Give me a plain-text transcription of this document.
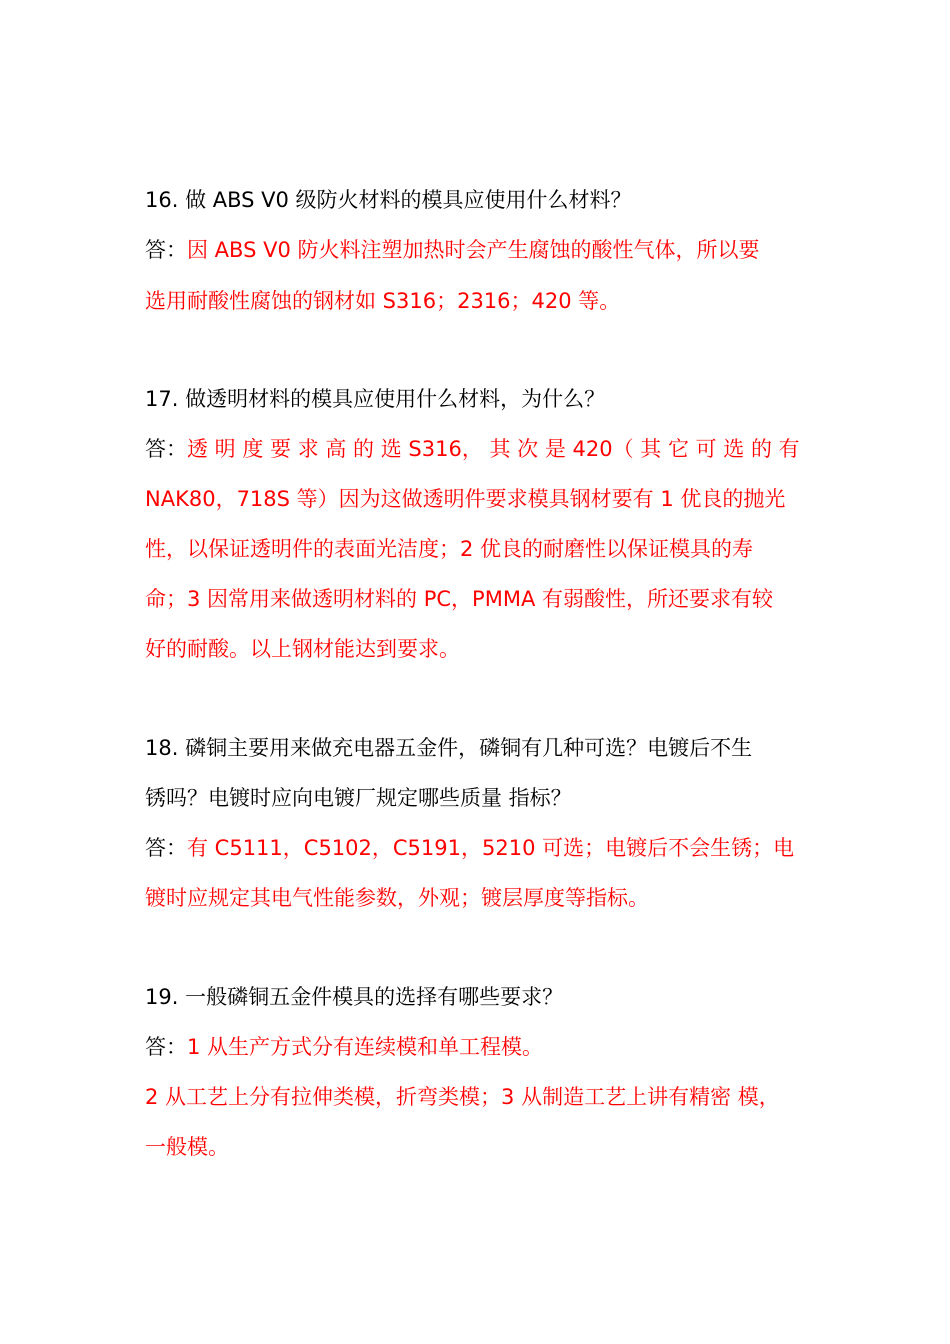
16. 做 ABS V0 级防火材料的模具应使用什么材料？
答：因 ABS V0 防火料注塑加热时会产生腐蚀的酸性气体，所以要
选用耐酸性腐蚀的钢材如 S316；2316；420 等。
17. 做透明材料的模具应使用什么材料，为什么？
答：透 明 度 要 求 高 的 选 S316， 其 次 是 420（ 其 它 可 选 的 有
NAK80，718S 等）因为这做透明件要求模具钢材要有 1 优良的抛光
性，以保证透明件的表面光洁度；2 优良的耐磨性以保证模具的寿
命；3 因常用来做透明材料的 PC，PMMA 有弱酸性，所还要求有较
好的耐酸。以上钢材能达到要求。
18. 磷铜主要用来做充电器五金件，磷铜有几种可选？电镀后不生
锈吗？电镀时应向电镀厂规定哪些质量 指标？
答：有 C5111，C5102，C5191，5210 可选；电镀后不会生锈；电
镀时应规定其电气性能参数，外观；镀层厚度等指标。
19. 一般磷铜五金件模具的选择有哪些要求？
答：1 从生产方式分有连续模和单工程模。
2 从工艺上分有拉伸类模，折弯类模；3 从制造工艺上讲有精密 模，
一般模。
